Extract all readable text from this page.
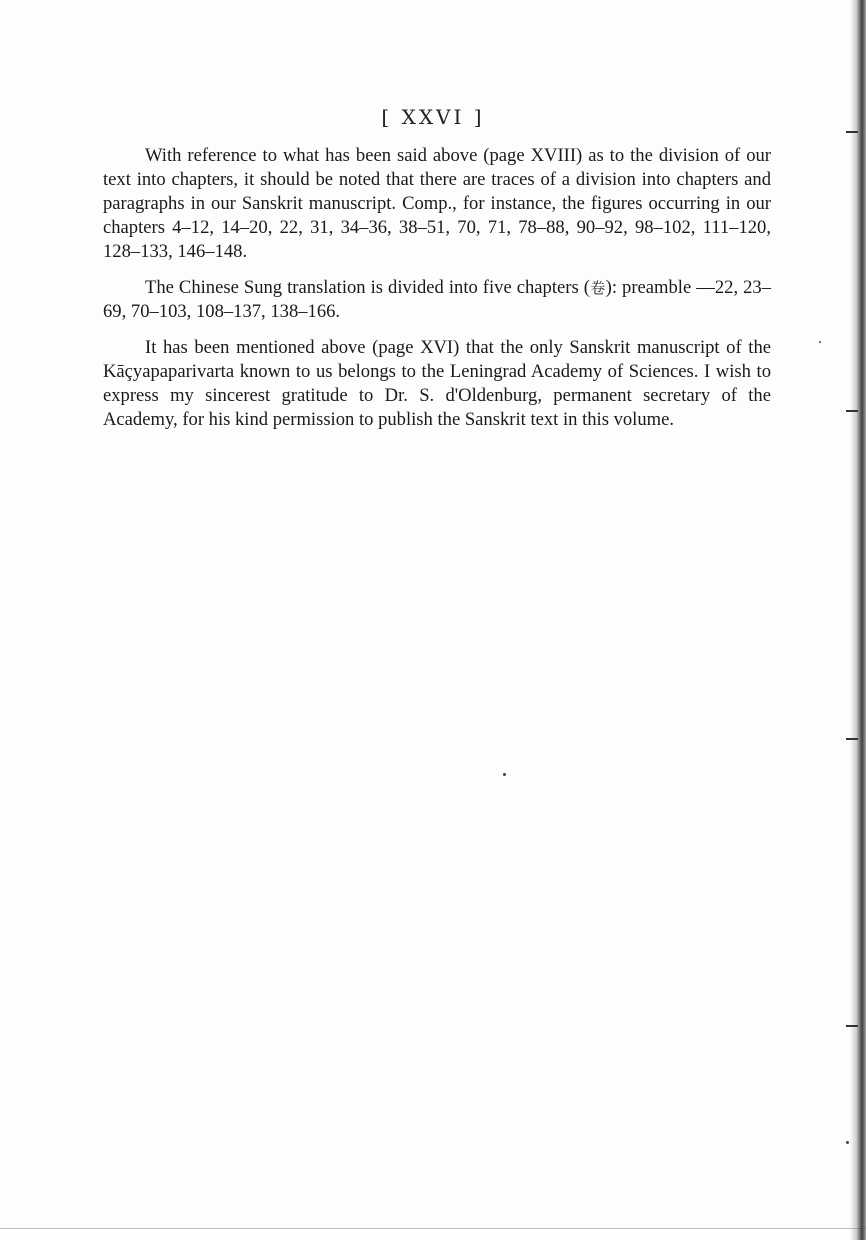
[ XXVI ]

With reference to what has been said above (page XVIII) as to the division of our text into chapters, it should be noted that there are traces of a division into chapters and paragraphs in our Sanskrit manuscript. Comp., for instance, the figures occurring in our chapters 4–12, 14–20, 22, 31, 34–36, 38–51, 70, 71, 78–88, 90–92, 98–102, 111–120, 128–133, 146–148.

The Chinese Sung translation is divided into five chapters (卷): preamble —22, 23–69, 70–103, 108–137, 138–166.

It has been mentioned above (page XVI) that the only Sanskrit manuscript of the Kāçyapaparivarta known to us belongs to the Leningrad Academy of Sciences. I wish to express my sincerest gratitude to Dr. S. d'Oldenburg, permanent secretary of the Academy, for his kind permission to publish the Sanskrit text in this volume.
